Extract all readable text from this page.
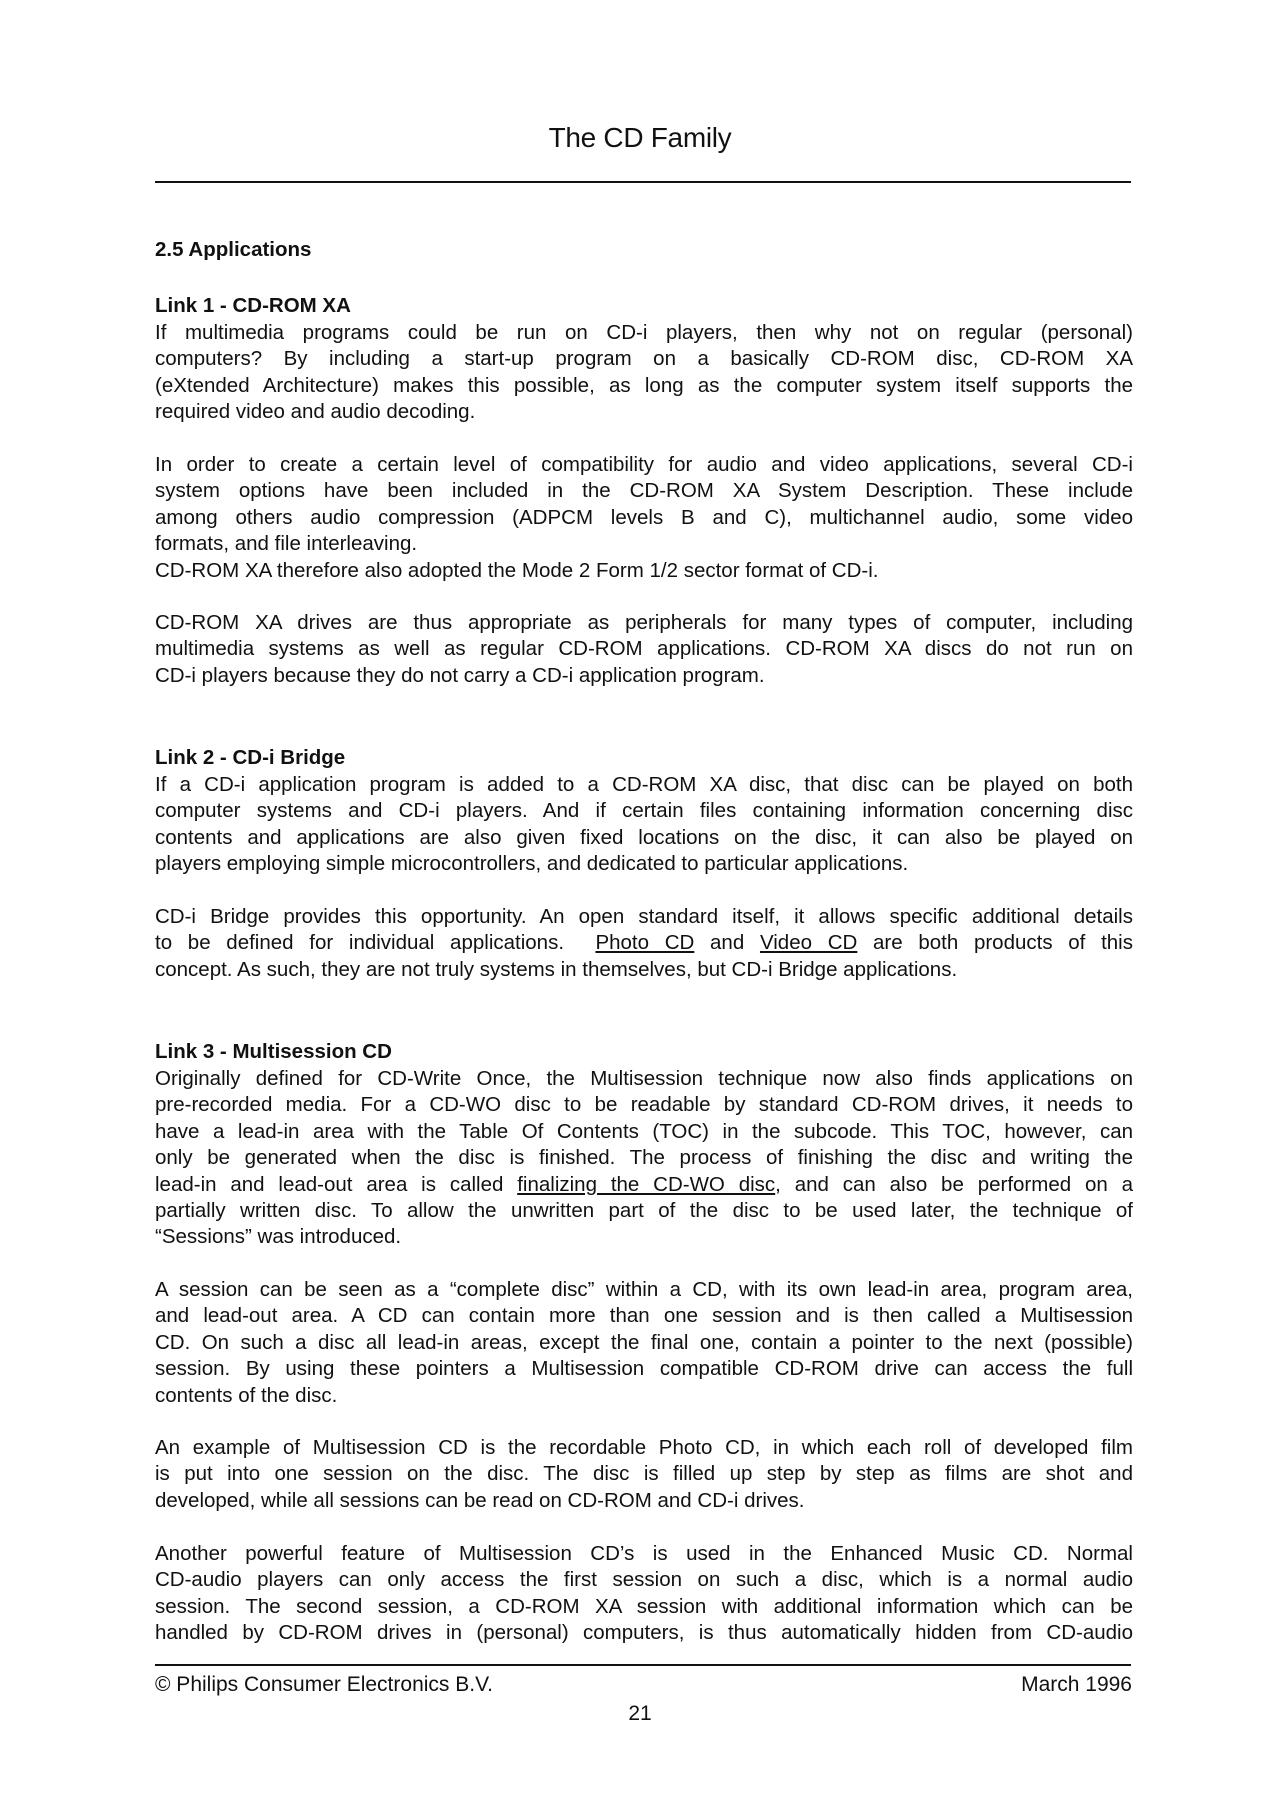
The CD Family
2.5 Applications
Link 1 - CD-ROM XA
If multimedia programs could be run on CD-i players, then why not on regular (personal)
computers? By including a start-up program on a basically CD-ROM disc, CD-ROM XA
(eXtended Architecture) makes this possible, as long as the computer system itself supports the
required video and audio decoding.
In order to create a certain level of compatibility for audio and video applications, several CD-i
system options have been included in the CD-ROM XA System Description. These include
among others audio compression (ADPCM levels B and C), multichannel audio, some video
formats, and file interleaving.
CD-ROM XA therefore also adopted the Mode 2 Form 1/2 sector format of CD-i.
CD-ROM XA drives are thus appropriate as peripherals for many types of computer, including
multimedia systems as well as regular CD-ROM applications. CD-ROM XA discs do not run on
CD-i players because they do not carry a CD-i application program.
Link 2 - CD-i Bridge
If a CD-i application program is added to a CD-ROM XA disc, that disc can be played on both
computer systems and CD-i players. And if certain files containing information concerning disc
contents and applications are also given fixed locations on the disc, it can also be played on
players employing simple microcontrollers, and dedicated to particular applications.
CD-i Bridge provides this opportunity. An open standard itself, it allows specific additional details
to be defined for individual applications.  Photo CD and Video CD are both products of this
concept. As such, they are not truly systems in themselves, but CD-i Bridge applications.
Link 3 - Multisession CD
Originally defined for CD-Write Once, the Multisession technique now also finds applications on
pre-recorded media. For a CD-WO disc to be readable by standard CD-ROM drives, it needs to
have a lead-in area with the Table Of Contents (TOC) in the subcode. This TOC, however, can
only be generated when the disc is finished. The process of finishing the disc and writing the
lead-in and lead-out area is called finalizing the CD-WO disc, and can also be performed on a
partially written disc. To allow the unwritten part of the disc to be used later, the technique of
“Sessions” was introduced.
A session can be seen as a “complete disc” within a CD, with its own lead-in area, program area,
and lead-out area. A CD can contain more than one session and is then called a Multisession
CD. On such a disc all lead-in areas, except the final one, contain a pointer to the next (possible)
session. By using these pointers a Multisession compatible CD-ROM drive can access the full
contents of the disc.
An example of Multisession CD is the recordable Photo CD, in which each roll of developed film
is put into one session on the disc. The disc is filled up step by step as films are shot and
developed, while all sessions can be read on CD-ROM and CD-i drives.
Another powerful feature of Multisession CD’s is used in the Enhanced Music CD. Normal
CD-audio players can only access the first session on such a disc, which is a normal audio
session. The second session, a CD-ROM XA session with additional information which can be
handled by CD-ROM drives in (personal) computers, is thus automatically hidden from CD-audio
© Philips Consumer Electronics B.V.	March 1996
21
